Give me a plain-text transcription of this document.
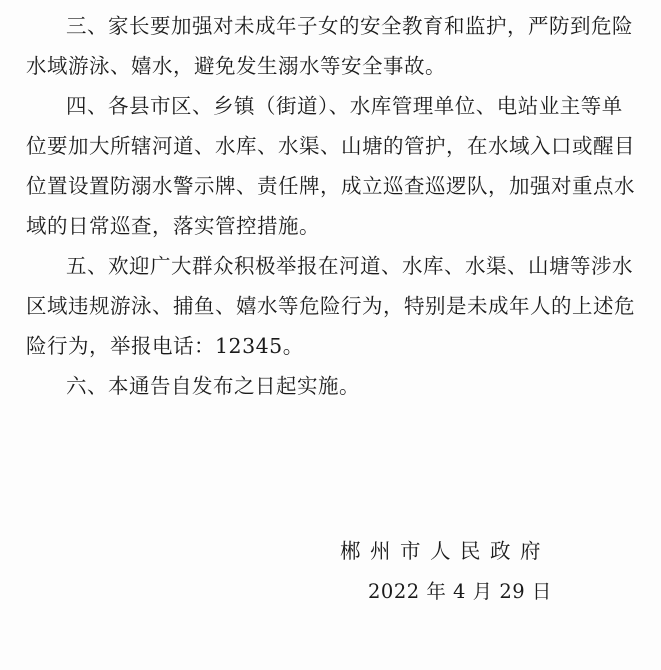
三、家长要加强对未成年子女的安全教育和监护，严防到危险
水域游泳、嬉水，避免发生溺水等安全事故。

四、各县市区、乡镇（街道）、水库管理单位、电站业主等单
位要加大所辖河道、水库、水渠、山塘的管护，在水域入口或醒目
位置设置防溺水警示牌、责任牌，成立巡查巡逻队，加强对重点水
域的日常巡查，落实管控措施。

五、欢迎广大群众积极举报在河道、水库、水渠、山塘等涉水
区域违规游泳、捕鱼、嬉水等危险行为，特别是未成年人的上述危
险行为，举报电话：12345。

六、本通告自发布之日起实施。

郴州市人民政府
2022 年 4 月 29 日
